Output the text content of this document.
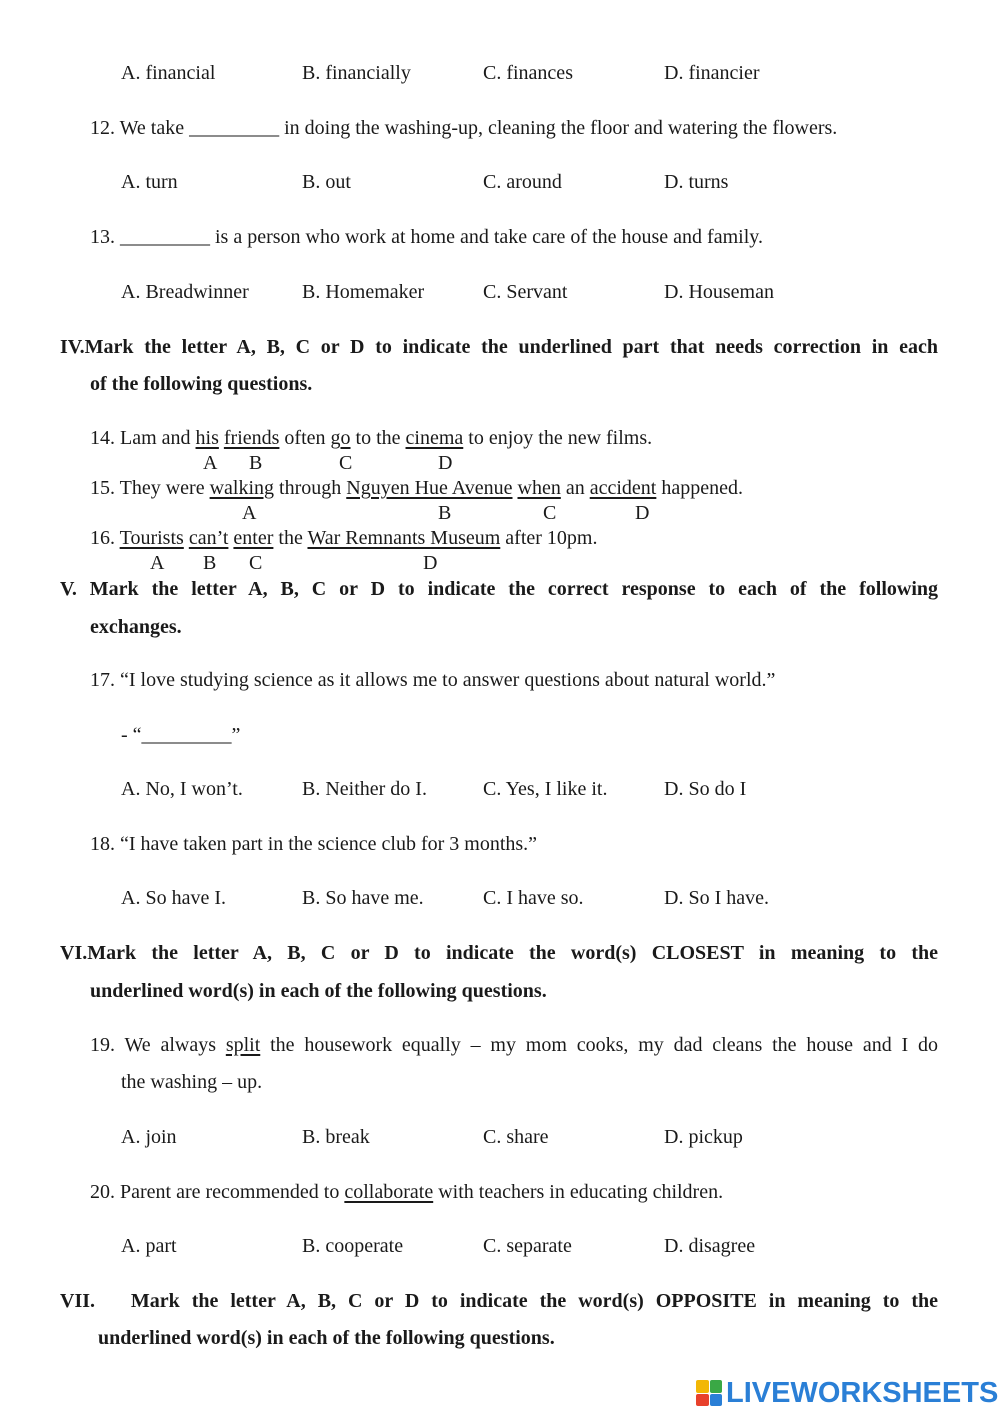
A. financial	B. financially	C. finances	D. financier
12. We take _________ in doing the washing-up, cleaning the floor and watering the flowers.
A. turn	B. out	C. around	D. turns
13. _________ is a person who work at home and take care of the house and family.
A. Breadwinner	B. Homemaker	C. Servant	D. Houseman
IV.Mark the letter A, B, C or D to indicate the underlined part that needs correction in each
of the following questions.
14. Lam and his friends often go to the cinema to enjoy the new films.
A B	C	D
15. They were walking through Nguyen Hue Avenue when an accident happened.
A	B	C	D
16. Tourists can’t enter the War Remnants Museum after 10pm.
A B C	D
V. Mark the letter A, B, C or D to indicate the correct response to each of the following
exchanges.
17. “I love studying science as it allows me to answer questions about natural world.”
- “_________”
A. No, I won’t.	B. Neither do I.	C. Yes, I like it.	D. So do I
18. “I have taken part in the science club for 3 months.”
A. So have I.	B. So have me.	C. I have so.	D. So I have.
VI.Mark the letter A, B, C or D to indicate the word(s) CLOSEST in meaning to the
underlined word(s) in each of the following questions.
19. We always split the housework equally – my mom cooks, my dad cleans the house and I do
the washing – up.
A. join	B. break	C. share	D. pickup
20. Parent are recommended to collaborate with teachers in educating children.
A. part	B. cooperate	C. separate	D. disagree
VII.   Mark the letter A, B, C or D to indicate the word(s) OPPOSITE in meaning to the
underlined word(s) in each of the following questions.
LIVEWORKSHEETS
